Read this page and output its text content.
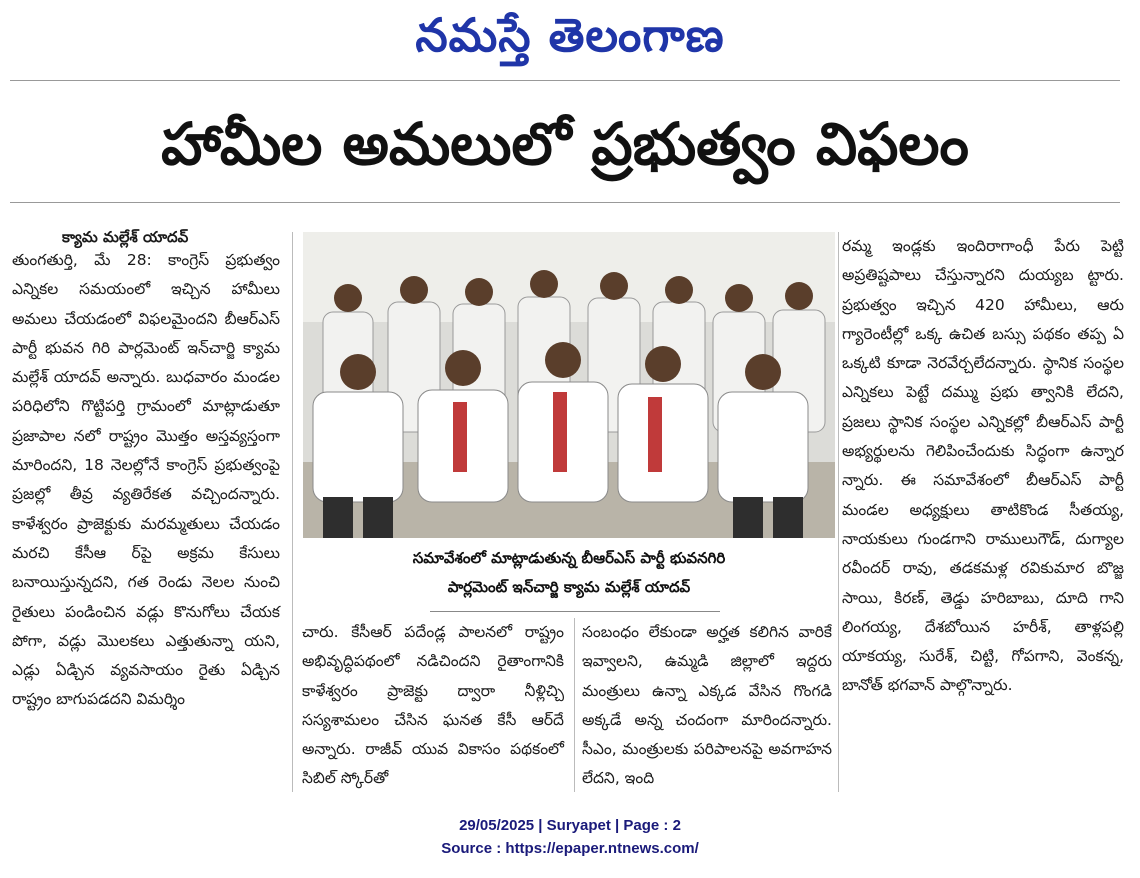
నమస్తే తెలంగాణ
హామీల అమలులో ప్రభుత్వం విఫలం
క్యామ మల్లేశ్ యాదవ్
తుంగతుర్తి, మే 28: కాంగ్రెస్ ప్రభుత్వం ఎన్నికల సమయంలో ఇచ్చిన హామీలు అమలు చేయడంలో విఫలమైందని బీఆర్ఎస్ పార్టీ భువన గిరి పార్లమెంట్ ఇన్‌చార్జి క్యామ మల్లేశ్ యాదవ్ అన్నారు. బుధవారం మండల పరిధిలోని గొట్టిపర్తి గ్రామంలో మాట్లాడుతూ ప్రజాపాల నలో రాష్ట్రం మొత్తం అస్తవ్యస్తంగా మారిందని, 18 నెలల్లోనే కాంగ్రెస్ ప్రభుత్వంపై ప్రజల్లో తీవ్ర వ్యతిరేకత వచ్చిందన్నారు. కాళేశ్వరం ప్రాజెక్టుకు మరమ్మతులు చేయడం మరచి కేసీఆ ర్‌పై అక్రమ కేసులు బనాయిస్తున్నదని, గత రెండు నెలల నుంచి రైతులు పండించిన వడ్లు కొనుగోలు చేయక పోగా, వడ్లు మొలకలు ఎత్తుతున్నా యని, ఎడ్లు ఏడ్చిన వ్యవసాయం రైతు ఏడ్చిన రాష్ట్రం బాగుపడదని విమర్శిం
సమావేశంలో మాట్లాడుతున్న బీఆర్ఎస్ పార్టీ భువనగిరి
పార్లమెంట్ ఇన్‌చార్జి క్యామ మల్లేశ్ యాదవ్
చారు. కేసీఆర్ పదేండ్ల పాలనలో రాష్ట్రం అభివృద్ధిపథంలో నడిచిందని రైతాంగానికి కాళేశ్వరం ప్రాజెక్టు ద్వారా నీళ్లిచ్చి సస్యశామలం చేసిన ఘనత కేసీ ఆర్‌దే అన్నారు. రాజీవ్ యువ వికాసం పథకంలో సిబిల్ స్కోర్‌తో
సంబంధం లేకుండా అర్హత కలిగిన వారికే ఇవ్వాలని, ఉమ్మడి జిల్లాలో ఇద్దరు మంత్రులు ఉన్నా ఎక్కడ వేసిన గొంగడి అక్కడే అన్న చందంగా మారిందన్నారు. సీఎం, మంత్రులకు పరిపాలనపై అవగాహన లేదని, ఇంది
రమ్మ ఇండ్లకు ఇందిరాగాంధీ పేరు పెట్టి అప్రతిష్టపాలు చేస్తున్నారని దుయ్యబ ట్టారు. ప్రభుత్వం ఇచ్చిన 420 హామీలు, ఆరు గ్యారెంటీల్లో ఒక్క ఉచిత బస్సు పథకం తప్ప ఏ ఒక్కటి కూడా నెరవేర్చలేదన్నారు. స్థానిక సంస్థల ఎన్నికలు పెట్టే దమ్ము ప్రభు త్వానికి లేదని, ప్రజలు స్థానిక సంస్థల ఎన్నికల్లో బీఆర్ఎస్ పార్టీ అభ్యర్థులను గెలిపించేందుకు సిద్ధంగా ఉన్నార న్నారు. ఈ సమావేశంలో బీఆర్ఎస్ పార్టీ మండల అధ్యక్షులు తాటికొండ సీతయ్య, నాయకులు గుండగాని రాములుగౌడ్, దుగ్యాల రవీందర్ రావు, తడకమళ్ల రవికుమార బొజ్జ సాయి, కిరణ్, తెడ్డు హరిబాబు, దూది గాని లింగయ్య, దేశబోయిన హరీశ్, తాళ్లపల్లి యాకయ్య, సురేశ్, చిట్టి, గోపగాని, వెంకన్న, బానోత్ భగవాన్ పాల్గొన్నారు.
29/05/2025 | Suryapet | Page : 2
Source : https://epaper.ntnews.com/
